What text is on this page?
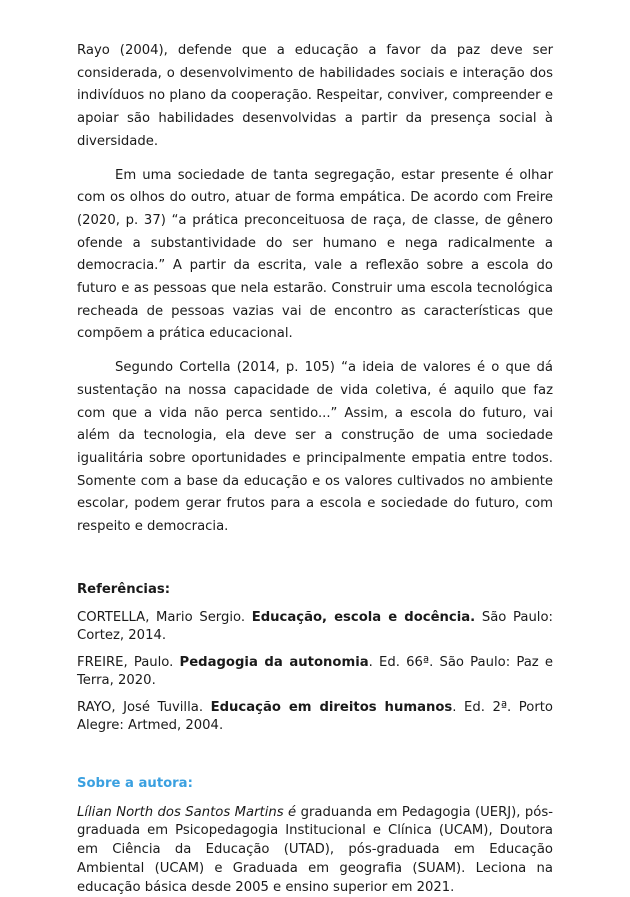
Rayo (2004), defende que a educação a favor da paz deve ser considerada, o desenvolvimento de habilidades sociais e interação dos indivíduos no plano da cooperação. Respeitar, conviver, compreender e apoiar são habilidades desenvolvidas a partir da presença social à diversidade.

Em uma sociedade de tanta segregação, estar presente é olhar com os olhos do outro, atuar de forma empática. De acordo com Freire (2020, p. 37) “a prática preconceituosa de raça, de classe, de gênero ofende a substantividade do ser humano e nega radicalmente a democracia.” A partir da escrita, vale a reflexão sobre a escola do futuro e as pessoas que nela estarão. Construir uma escola tecnológica recheada de pessoas vazias vai de encontro as características que compõem a prática educacional.

Segundo Cortella (2014, p. 105) “a ideia de valores é o que dá sustentação na nossa capacidade de vida coletiva, é aquilo que faz com que a vida não perca sentido...” Assim, a escola do futuro, vai além da tecnologia, ela deve ser a construção de uma sociedade igualitária sobre oportunidades e principalmente empatia entre todos. Somente com a base da educação e os valores cultivados no ambiente escolar, podem gerar frutos para a escola e sociedade do futuro, com respeito e democracia.

Referências:

CORTELLA, Mario Sergio. Educação, escola e docência. São Paulo: Cortez, 2014.

FREIRE, Paulo. Pedagogia da autonomia. Ed. 66ª. São Paulo: Paz e Terra, 2020.

RAYO, José Tuvilla. Educação em direitos humanos. Ed. 2ª. Porto Alegre: Artmed, 2004.

Sobre a autora:

Lílian North dos Santos Martins é graduanda em Pedagogia (UERJ), pós-graduada em Psicopedagogia Institucional e Clínica (UCAM), Doutora em Ciência da Educação (UTAD), pós-graduada em Educação Ambiental (UCAM) e Graduada em geografia (SUAM). Leciona na educação básica desde 2005 e ensino superior em 2021.
